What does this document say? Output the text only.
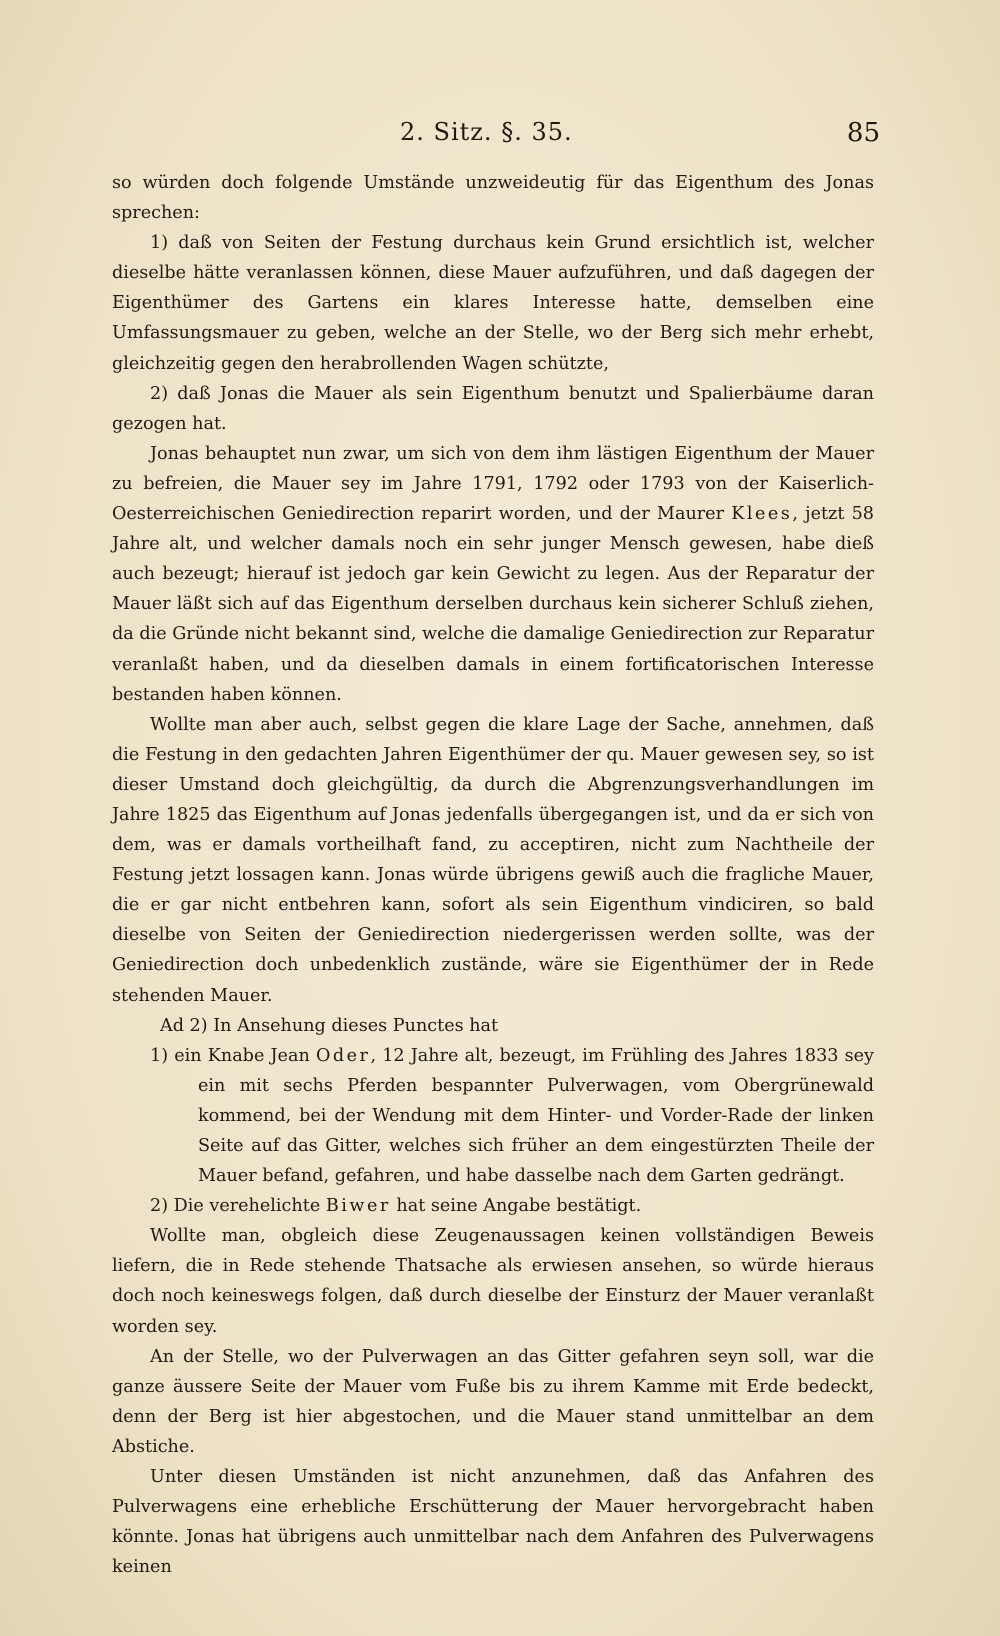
2. Sitz. §. 35.	85

so würden doch folgende Umstände unzweideutig für das Eigenthum des Jonas sprechen:

1) daß von Seiten der Festung durchaus kein Grund ersichtlich ist, welcher dieselbe hätte veranlassen können, diese Mauer aufzuführen, und daß dagegen der Eigenthümer des Gartens ein klares Interesse hatte, demselben eine Umfassungsmauer zu geben, welche an der Stelle, wo der Berg sich mehr erhebt, gleichzeitig gegen den herabrollenden Wagen schützte,

2) daß Jonas die Mauer als sein Eigenthum benutzt und Spalierbäume daran gezogen hat.

Jonas behauptet nun zwar, um sich von dem ihm lästigen Eigenthum der Mauer zu befreien, die Mauer sey im Jahre 1791, 1792 oder 1793 von der Kaiserlich-Oesterreichischen Geniedirection reparirt worden, und der Maurer Klees, jetzt 58 Jahre alt, und welcher damals noch ein sehr junger Mensch gewesen, habe dieß auch bezeugt; hierauf ist jedoch gar kein Gewicht zu legen. Aus der Reparatur der Mauer läßt sich auf das Eigenthum derselben durchaus kein sicherer Schluß ziehen, da die Gründe nicht bekannt sind, welche die damalige Geniedirection zur Reparatur veranlaßt haben, und da dieselben damals in einem fortificatorischen Interesse bestanden haben können.

Wollte man aber auch, selbst gegen die klare Lage der Sache, annehmen, daß die Festung in den gedachten Jahren Eigenthümer der qu. Mauer gewesen sey, so ist dieser Umstand doch gleichgültig, da durch die Abgrenzungsverhandlungen im Jahre 1825 das Eigenthum auf Jonas jedenfalls übergegangen ist, und da er sich von dem, was er damals vortheilhaft fand, zu acceptiren, nicht zum Nachtheile der Festung jetzt lossagen kann. Jonas würde übrigens gewiß auch die fragliche Mauer, die er gar nicht entbehren kann, sofort als sein Eigenthum vindiciren, so bald dieselbe von Seiten der Geniedirection niedergerissen werden sollte, was der Geniedirection doch unbedenklich zustände, wäre sie Eigenthümer der in Rede stehenden Mauer.

Ad 2) In Ansehung dieses Punctes hat

1) ein Knabe Jean Oder, 12 Jahre alt, bezeugt, im Frühling des Jahres 1833 sey ein mit sechs Pferden bespannter Pulverwagen, vom Obergrünewald kommend, bei der Wendung mit dem Hinter- und Vorder-Rade der linken Seite auf das Gitter, welches sich früher an dem eingestürzten Theile der Mauer befand, gefahren, und habe dasselbe nach dem Garten gedrängt.

2) Die verehelichte Biwer hat seine Angabe bestätigt.

Wollte man, obgleich diese Zeugenaussagen keinen vollständigen Beweis liefern, die in Rede stehende Thatsache als erwiesen ansehen, so würde hieraus doch noch keineswegs folgen, daß durch dieselbe der Einsturz der Mauer veranlaßt worden sey.

An der Stelle, wo der Pulverwagen an das Gitter gefahren seyn soll, war die ganze äussere Seite der Mauer vom Fuße bis zu ihrem Kamme mit Erde bedeckt, denn der Berg ist hier abgestochen, und die Mauer stand unmittelbar an dem Abstiche.

Unter diesen Umständen ist nicht anzunehmen, daß das Anfahren des Pulverwagens eine erhebliche Erschütterung der Mauer hervorgebracht haben könnte. Jonas hat übrigens auch unmittelbar nach dem Anfahren des Pulverwagens keinen
